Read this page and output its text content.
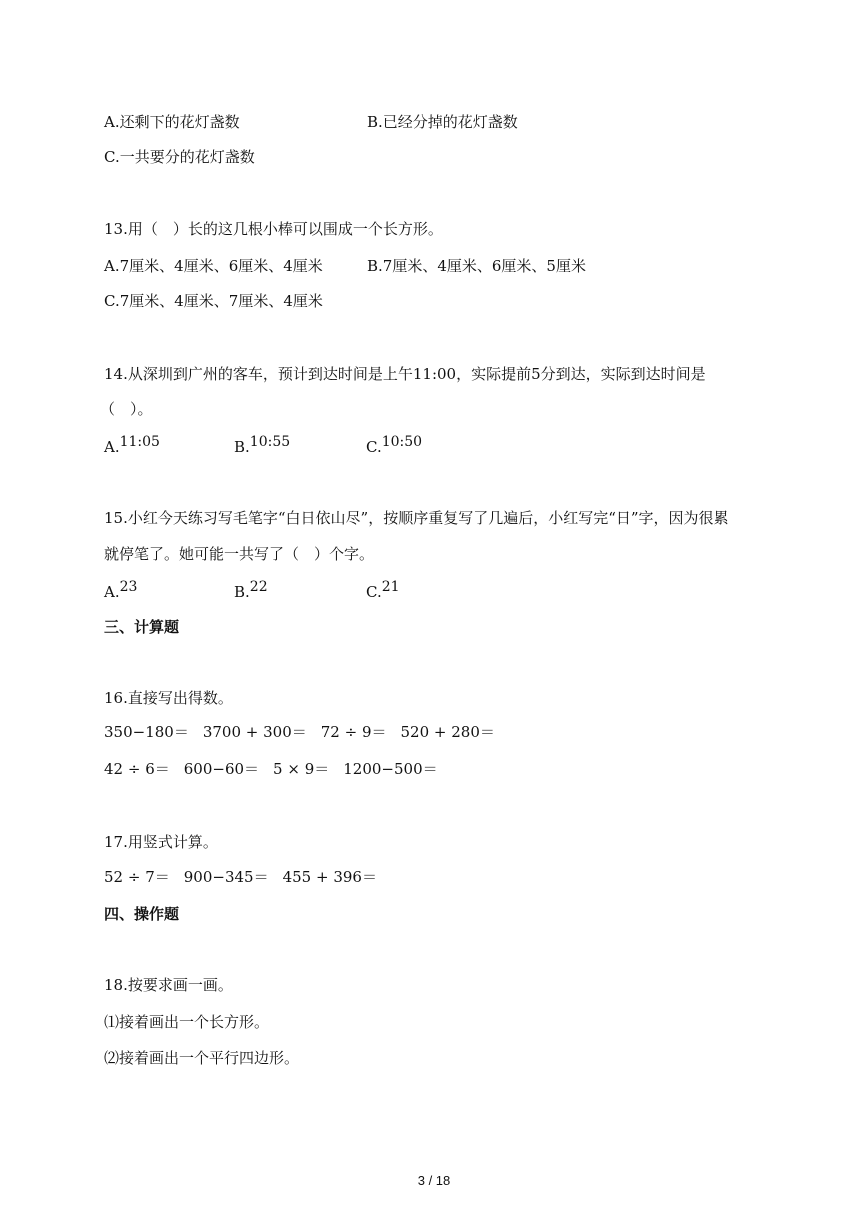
A.还剩下的花灯盏数	B.已经分掉的花灯盏数
C.一共要分的花灯盏数
13.用（　）长的这几根小棒可以围成一个长方形。
A.7厘米、4厘米、6厘米、4厘米	B.7厘米、4厘米、6厘米、5厘米
C.7厘米、4厘米、7厘米、4厘米
14.从深圳到广州的客车，预计到达时间是上午11:00，实际提前5分到达，实际到达时间是
（　）。
A.11:05	B.10:55	C.10:50
15.小红今天练习写毛笔字“白日依山尽”，按顺序重复写了几遍后，小红写完“日”字，因为很累
就停笔了。她可能一共写了（　）个字。
A.23	B.22	C.21
三、计算题
16.直接写出得数。
350−180＝ 3700 + 300＝ 72 ÷ 9＝ 520 + 280＝
42 ÷ 6＝ 600−60＝ 5 × 9＝ 1200−500＝
17.用竖式计算。
52 ÷ 7＝ 900−345＝ 455 + 396＝
四、操作题
18.按要求画一画。
⑴接着画出一个长方形。
⑵接着画出一个平行四边形。
3 / 18
